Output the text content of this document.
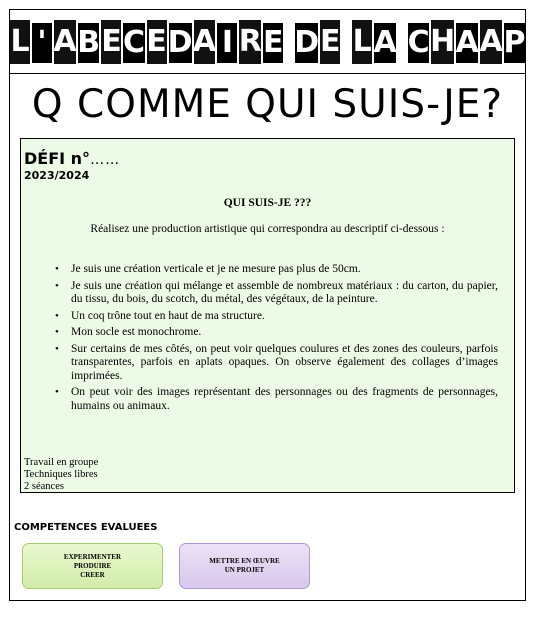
L ' A B E C E D A I R E D E L A C H A A P
Q COMME QUI SUIS-JE?
DÉFI n°……
2023/2024
QUI SUIS-JE ???
Réalisez une production artistique qui correspondra au descriptif ci-dessous :
• Je suis une création verticale et je ne mesure pas plus de 50cm.
• Je suis une création qui mélange et assemble de nombreux matériaux : du carton, du papier, du tissu, du bois, du scotch, du métal, des végétaux, de la peinture.
• Un coq trône tout en haut de ma structure.
• Mon socle est monochrome.
• Sur certains de mes côtés, on peut voir quelques coulures et des zones des couleurs, parfois transparentes, parfois en aplats opaques. On observe également des collages d’images imprimées.
• On peut voir des images représentant des personnages ou des fragments de personnages, humains ou animaux.
Travail en groupe
Techniques libres
2 séances
COMPETENCES EVALUEES
EXPERIMENTER
PRODUIRE
CREER
METTRE EN ŒUVRE
UN PROJET
